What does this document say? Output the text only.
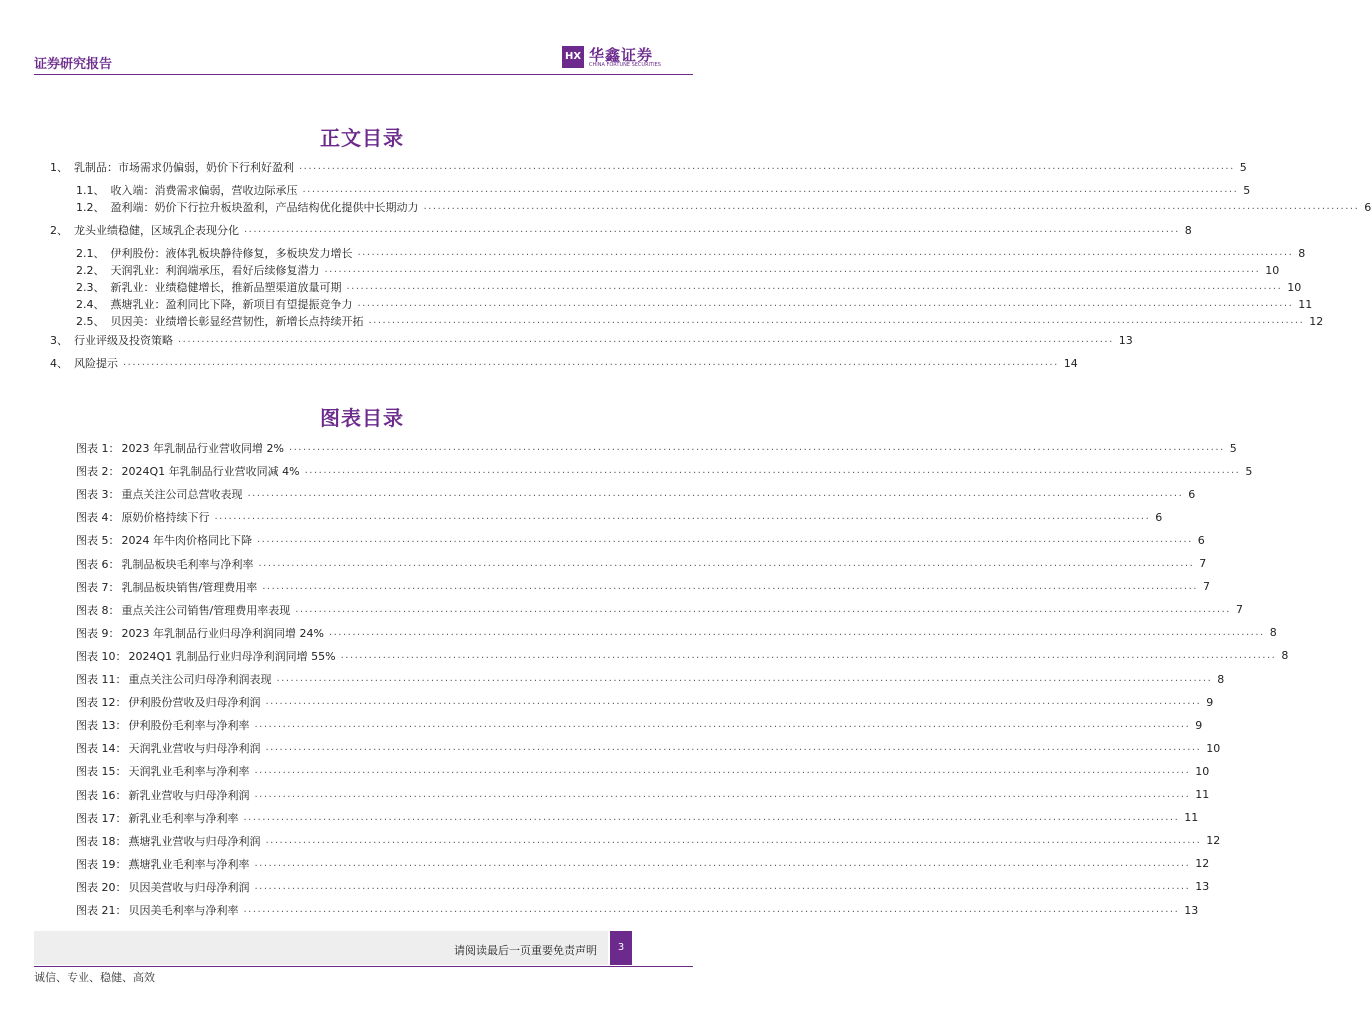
证券研究报告
HX 华鑫证券
CHINA FORTUNE SECURITIES
正文目录
1、 乳制品：市场需求仍偏弱，奶价下行利好盈利 ........................................................................................................................................................................................................ 5
1.1、 收入端：消费需求偏弱，营收边际承压 ........................................................................................................................................................................................................ 5
1.2、 盈利端：奶价下行拉升板块盈利，产品结构优化提供中长期动力 ........................................................................................................................................................................................................ 6
2、 龙头业绩稳健，区域乳企表现分化 ........................................................................................................................................................................................................ 8
2.1、 伊利股份：液体乳板块静待修复，多板块发力增长 ........................................................................................................................................................................................................ 8
2.2、 天润乳业：利润端承压，看好后续修复潜力 ........................................................................................................................................................................................................ 10
2.3、 新乳业：业绩稳健增长，推新品塑渠道放量可期 ........................................................................................................................................................................................................ 10
2.4、 燕塘乳业：盈利同比下降，新项目有望提振竞争力 ........................................................................................................................................................................................................ 11
2.5、 贝因美：业绩增长彰显经营韧性，新增长点持续开拓 ........................................................................................................................................................................................................ 12
3、 行业评级及投资策略 ........................................................................................................................................................................................................ 13
4、 风险提示 ........................................................................................................................................................................................................ 14
图表目录
图表 1： 2023 年乳制品行业营收同增 2% ........................................................................................................................................................................................................ 5
图表 2： 2024Q1 年乳制品行业营收同减 4% ........................................................................................................................................................................................................ 5
图表 3： 重点关注公司总营收表现 ........................................................................................................................................................................................................ 6
图表 4： 原奶价格持续下行 ........................................................................................................................................................................................................ 6
图表 5： 2024 年牛肉价格同比下降 ........................................................................................................................................................................................................ 6
图表 6： 乳制品板块毛利率与净利率 ........................................................................................................................................................................................................ 7
图表 7： 乳制品板块销售/管理费用率 ........................................................................................................................................................................................................ 7
图表 8： 重点关注公司销售/管理费用率表现 ........................................................................................................................................................................................................ 7
图表 9： 2023 年乳制品行业归母净利润同增 24% ........................................................................................................................................................................................................ 8
图表 10： 2024Q1 乳制品行业归母净利润同增 55% ........................................................................................................................................................................................................ 8
图表 11： 重点关注公司归母净利润表现 ........................................................................................................................................................................................................ 8
图表 12： 伊利股份营收及归母净利润 ........................................................................................................................................................................................................ 9
图表 13： 伊利股份毛利率与净利率 ........................................................................................................................................................................................................ 9
图表 14： 天润乳业营收与归母净利润 ........................................................................................................................................................................................................ 10
图表 15： 天润乳业毛利率与净利率 ........................................................................................................................................................................................................ 10
图表 16： 新乳业营收与归母净利润 ........................................................................................................................................................................................................ 11
图表 17： 新乳业毛利率与净利率 ........................................................................................................................................................................................................ 11
图表 18： 燕塘乳业营收与归母净利润 ........................................................................................................................................................................................................ 12
图表 19： 燕塘乳业毛利率与净利率 ........................................................................................................................................................................................................ 12
图表 20： 贝因美营收与归母净利润 ........................................................................................................................................................................................................ 13
图表 21： 贝因美毛利率与净利率 ........................................................................................................................................................................................................ 13
请阅读最后一页重要免责声明	3
诚信、专业、稳健、高效
